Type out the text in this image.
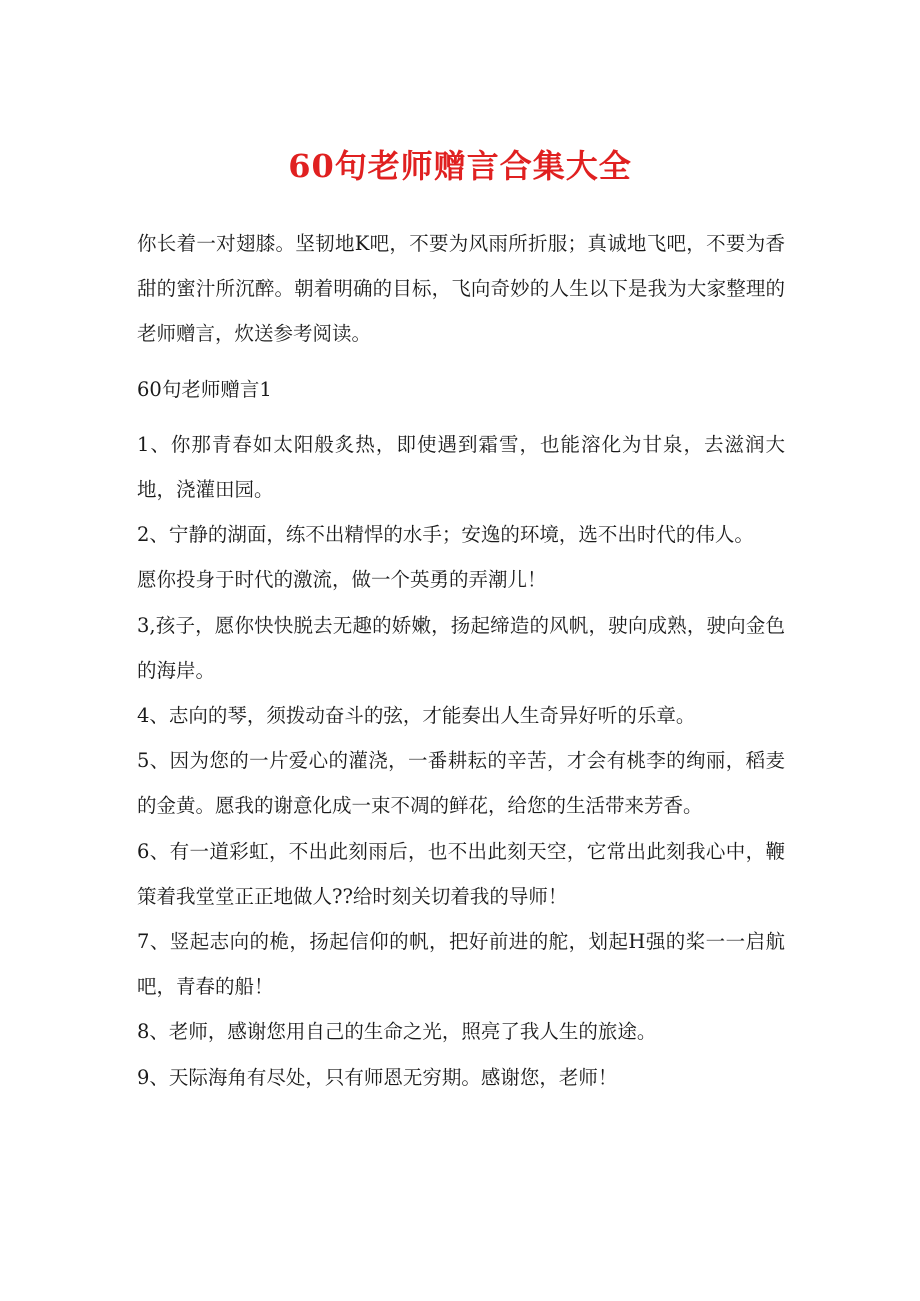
60句老师赠言合集大全

你长着一对翅膝。坚韧地K吧，不要为风雨所折服；真诚地飞吧，不要为香甜的蜜汁所沉醉。朝着明确的目标，飞向奇妙的人生以下是我为大家整理的老师赠言，炊送参考阅读。

60句老师赠言1

1、你那青春如太阳般炙热，即使遇到霜雪，也能溶化为甘泉，去滋润大地，浇灌田园。

2、宁静的湖面，练不出精悍的水手；安逸的环境，选不出时代的伟人。

愿你投身于时代的激流，做一个英勇的弄潮儿！

3,孩子，愿你快快脱去无趣的娇嫩，扬起缔造的风帆，驶向成熟，驶向金色的海岸。

4、志向的琴，须拨动奋斗的弦，才能奏出人生奇异好听的乐章。

5、因为您的一片爱心的灌浇，一番耕耘的辛苦，才会有桃李的绚丽，稻麦的金黄。愿我的谢意化成一束不凋的鲜花，给您的生活带来芳香。

6、有一道彩虹，不出此刻雨后，也不出此刻天空，它常出此刻我心中，鞭策着我堂堂正正地做人??给时刻关切着我的导师！

7、竖起志向的桅，扬起信仰的帆，把好前进的舵，划起H强的桨一一启航吧，青春的船！

8、老师，感谢您用自己的生命之光，照亮了我人生的旅途。

9、天际海角有尽处，只有师恩无穷期。感谢您，老师！
